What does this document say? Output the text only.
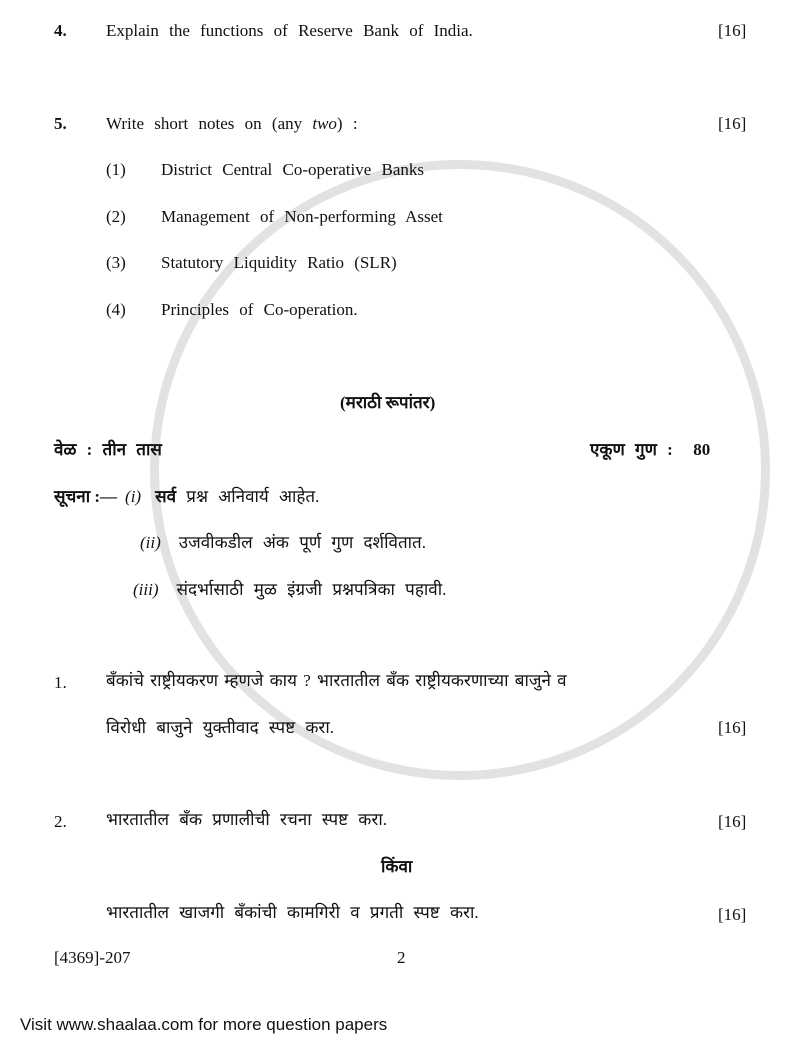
4. Explain the functions of Reserve Bank of India.	[16]
5. Write short notes on (any two) :	[16]
(1) District Central Co-operative Banks
(2) Management of Non-performing Asset
(3) Statutory Liquidity Ratio (SLR)
(4) Principles of Co-operation.
(मराठी रूपांतर)
वेळ : तीन तास	एकूण गुण :  80
सूचना :— (i) सर्व प्रश्न अनिवार्य आहेत.
(ii) उजवीकडील अंक पूर्ण गुण दर्शवितात.
(iii) संदर्भासाठी मुळ इंग्रजी प्रश्नपत्रिका पहावी.
1. बँकांचे राष्ट्रीयकरण म्हणजे काय ? भारतातील बँक राष्ट्रीयकरणाच्या बाजुने व
विरोधी बाजुने युक्तीवाद स्पष्ट करा.	[16]
2. भारतातील बँक प्रणालीची रचना स्पष्ट करा.	[16]
किंवा
भारतातील खाजगी बँकांची कामगिरी व प्रगती स्पष्ट करा.	[16]
[4369]-207	2
Visit www.shaalaa.com for more question papers
